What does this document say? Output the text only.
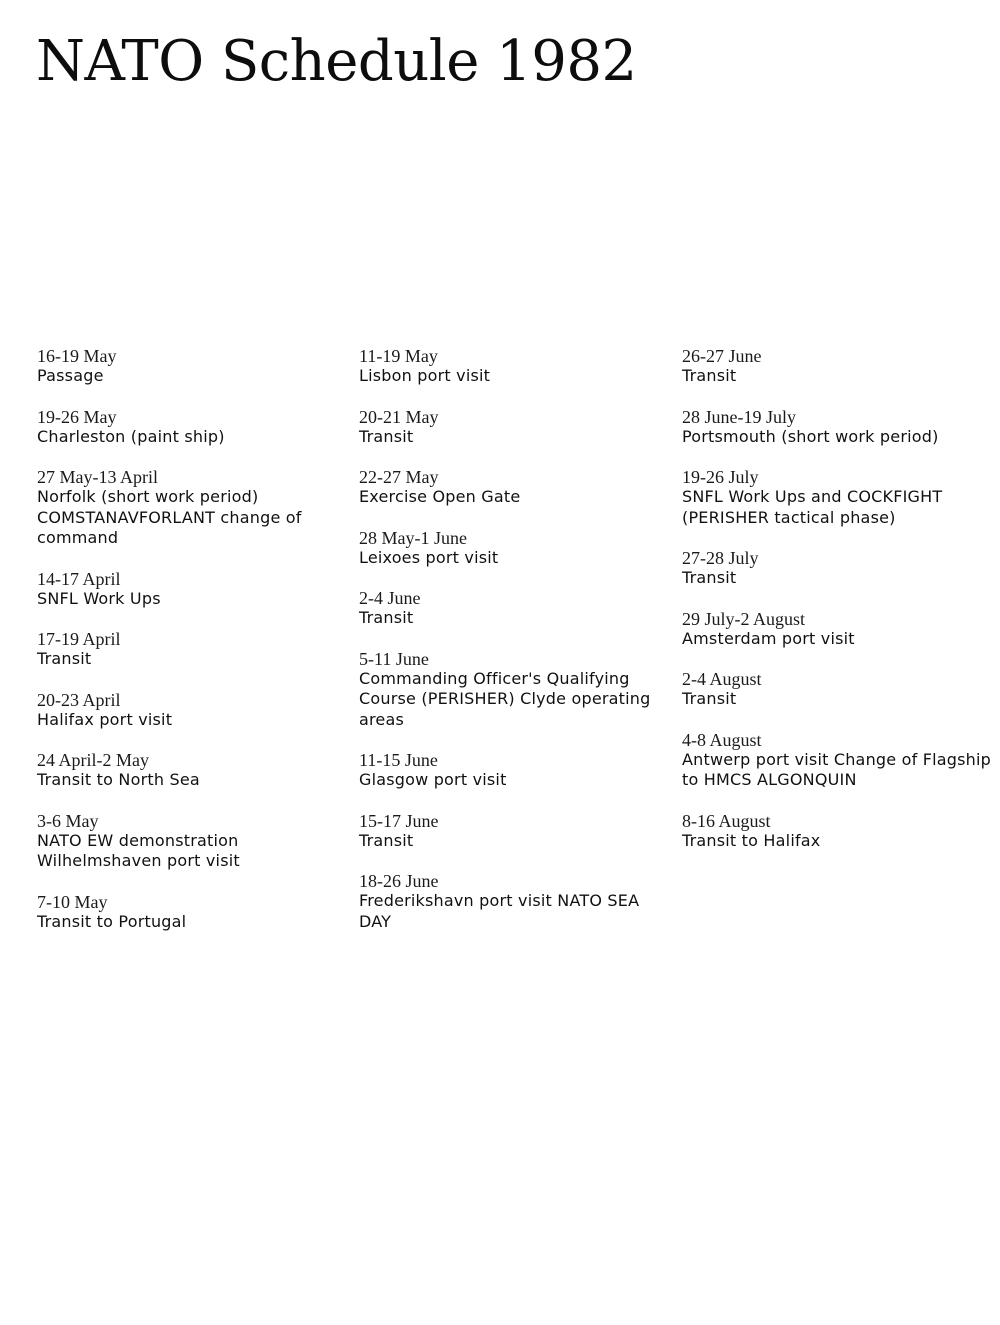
NATO Schedule 1982
16-19 May
Passage
19-26 May
Charleston (paint ship)
27 May-13 April
Norfolk (short work period) COMSTANAVFORLANT change of command
14-17 April
SNFL Work Ups
17-19 April
Transit
20-23 April
Halifax port visit
24 April-2 May
Transit to North Sea
3-6 May
NATO EW demonstration Wilhelmshaven port visit
7-10 May
Transit to Portugal
11-19 May
Lisbon port visit
20-21 May
Transit
22-27 May
Exercise Open Gate
28 May-1 June
Leixoes port visit
2-4 June
Transit
5-11 June
Commanding Officer's Qualifying Course (PERISHER) Clyde operating areas
11-15 June
Glasgow port visit
15-17 June
Transit
18-26 June
Frederikshavn port visit NATO SEA DAY
26-27 June
Transit
28 June-19 July
Portsmouth (short work period)
19-26 July
SNFL Work Ups and COCKFIGHT (PERISHER tactical phase)
27-28 July
Transit
29 July-2 August
Amsterdam port visit
2-4 August
Transit
4-8 August
Antwerp port visit Change of Flagship to HMCS ALGONQUIN
8-16 August
Transit to Halifax
